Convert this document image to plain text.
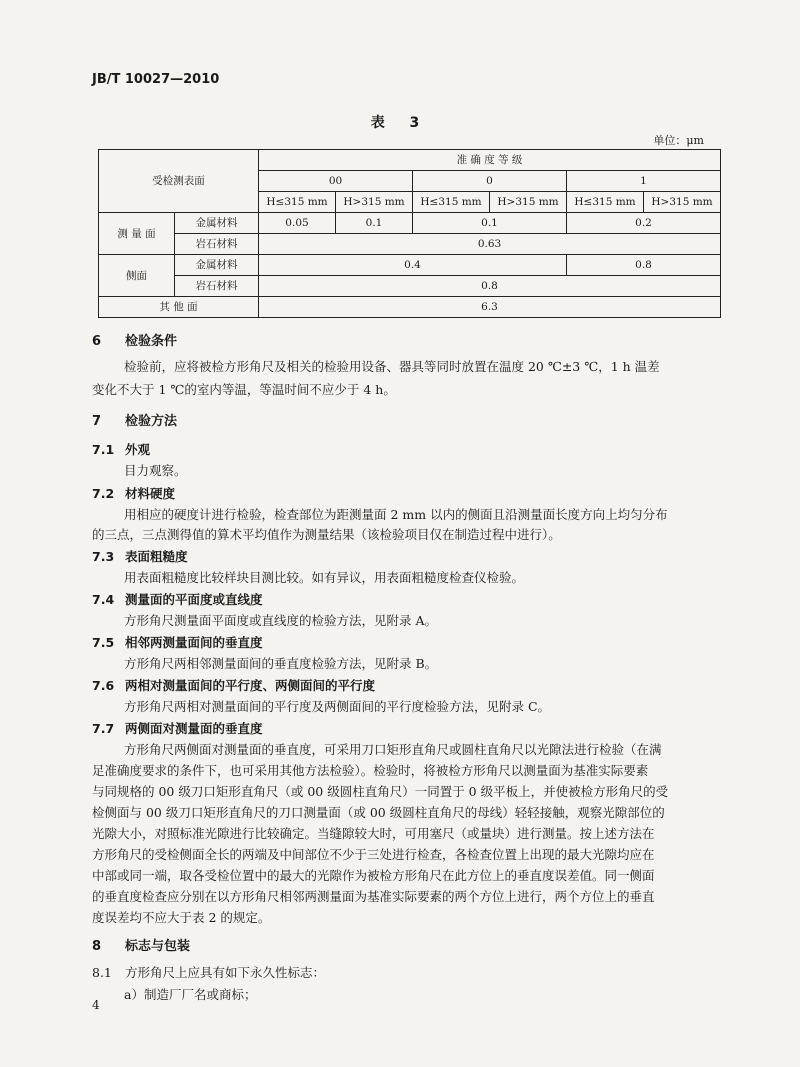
JB/T 10027—2010
表 3
单位：μm
受检测表面		准 确 度 等 级					
		00		0		1	
		H≤315 mm	H>315 mm	H≤315 mm	H>315 mm	H≤315 mm	H>315 mm
测 量 面	金属材料	0.05	0.1	0.1		0.2	
	岩石材料	0.63					
侧面	金属材料	0.4				0.8	
	岩石材料	0.8					
其 他 面		6.3					
6 检验条件
检验前，应将被检方形角尺及相关的检验用设备、器具等同时放置在温度 20 ℃±3 ℃，1 h 温差
变化不大于 1 ℃的室内等温，等温时间不应少于 4 h。
7 检验方法
7.1 外观
目力观察。
7.2 材料硬度
用相应的硬度计进行检验，检查部位为距测量面 2 mm 以内的侧面且沿测量面长度方向上均匀分布
的三点，三点测得值的算术平均值作为测量结果（该检验项目仅在制造过程中进行）。
7.3 表面粗糙度
用表面粗糙度比较样块目测比较。如有异议，用表面粗糙度检查仪检验。
7.4 测量面的平面度或直线度
方形角尺测量面平面度或直线度的检验方法，见附录 A。
7.5 相邻两测量面间的垂直度
方形角尺两相邻测量面间的垂直度检验方法，见附录 B。
7.6 两相对测量面间的平行度、两侧面间的平行度
方形角尺两相对测量面间的平行度及两侧面间的平行度检验方法，见附录 C。
7.7 两侧面对测量面的垂直度
方形角尺两侧面对测量面的垂直度，可采用刀口矩形直角尺或圆柱直角尺以光隙法进行检验（在满
足准确度要求的条件下，也可采用其他方法检验）。检验时，将被检方形角尺以测量面为基准实际要素
与同规格的 00 级刀口矩形直角尺（或 00 级圆柱直角尺）一同置于 0 级平板上，并使被检方形角尺的受
检侧面与 00 级刀口矩形直角尺的刀口测量面（或 00 级圆柱直角尺的母线）轻轻接触，观察光隙部位的
光隙大小，对照标准光隙进行比较确定。当缝隙较大时，可用塞尺（或量块）进行测量。按上述方法在
方形角尺的受检侧面全长的两端及中间部位不少于三处进行检查，各检查位置上出现的最大光隙均应在
中部或同一端，取各受检位置中的最大的光隙作为被检方形角尺在此方位上的垂直度误差值。同一侧面
的垂直度检查应分别在以方形角尺相邻两测量面为基准实际要素的两个方位上进行，两个方位上的垂直
度误差均不应大于表 2 的规定。
8 标志与包装
8.1 方形角尺上应具有如下永久性标志：
a）制造厂厂名或商标；
4
